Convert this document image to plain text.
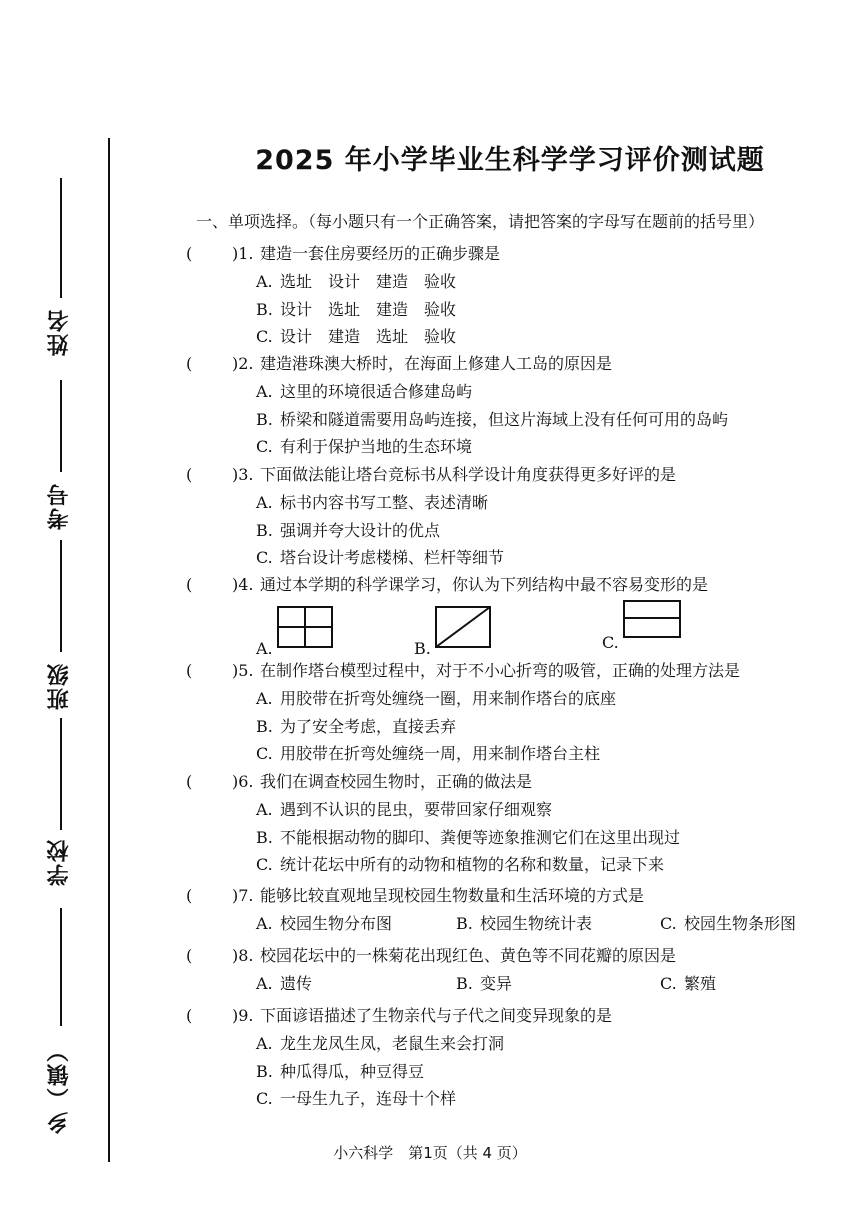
姓名
考号
班级
学校
乡（镇）
2025 年小学毕业生科学学习评价测试题
一、单项选择。（每小题只有一个正确答案，请把答案的字母写在题前的括号里）
( )1. 建造一套住房要经历的正确步骤是
A. 选址　设计　建造　验收
B. 设计　选址　建造　验收
C. 设计　建造　选址　验收
( )2. 建造港珠澳大桥时，在海面上修建人工岛的原因是
A. 这里的环境很适合修建岛屿
B. 桥梁和隧道需要用岛屿连接，但这片海域上没有任何可用的岛屿
C. 有利于保护当地的生态环境
( )3. 下面做法能让塔台竞标书从科学设计角度获得更多好评的是
A. 标书内容书写工整、表述清晰
B. 强调并夸大设计的优点
C. 塔台设计考虑楼梯、栏杆等细节
( )4. 通过本学期的科学课学习，你认为下列结构中最不容易变形的是
A.	B.	C.
( )5. 在制作塔台模型过程中，对于不小心折弯的吸管，正确的处理方法是
A. 用胶带在折弯处缠绕一圈，用来制作塔台的底座
B. 为了安全考虑，直接丢弃
C. 用胶带在折弯处缠绕一周，用来制作塔台主柱
( )6. 我们在调查校园生物时，正确的做法是
A. 遇到不认识的昆虫，要带回家仔细观察
B. 不能根据动物的脚印、粪便等迹象推测它们在这里出现过
C. 统计花坛中所有的动物和植物的名称和数量，记录下来
( )7. 能够比较直观地呈现校园生物数量和生活环境的方式是
A. 校园生物分布图	B. 校园生物统计表	C. 校园生物条形图
( )8. 校园花坛中的一株菊花出现红色、黄色等不同花瓣的原因是
A. 遗传	B. 变异	C. 繁殖
( )9. 下面谚语描述了生物亲代与子代之间变异现象的是
A. 龙生龙凤生凤，老鼠生来会打洞
B. 种瓜得瓜，种豆得豆
C. 一母生九子，连母十个样
小六科学　第1页（共 4 页）
